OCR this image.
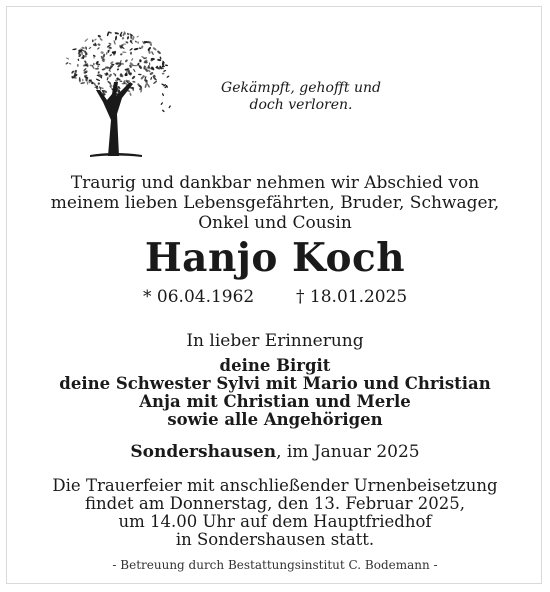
Gekämpft, gehofft und
doch verloren.
Traurig und dankbar nehmen wir Abschied von
meinem lieben Lebensgefährten, Bruder, Schwager,
Onkel und Cousin
Hanjo Koch
* 06.04.1962 † 18.01.2025
In lieber Erinnerung
deine Birgit
deine Schwester Sylvi mit Mario und Christian
Anja mit Christian und Merle
sowie alle Angehörigen
Sondershausen, im Januar 2025
Die Trauerfeier mit anschließender Urnenbeisetzung
findet am Donnerstag, den 13. Februar 2025,
um 14.00 Uhr auf dem Hauptfriedhof
in Sondershausen statt.
- Betreuung durch Bestattungsinstitut C. Bodemann -
